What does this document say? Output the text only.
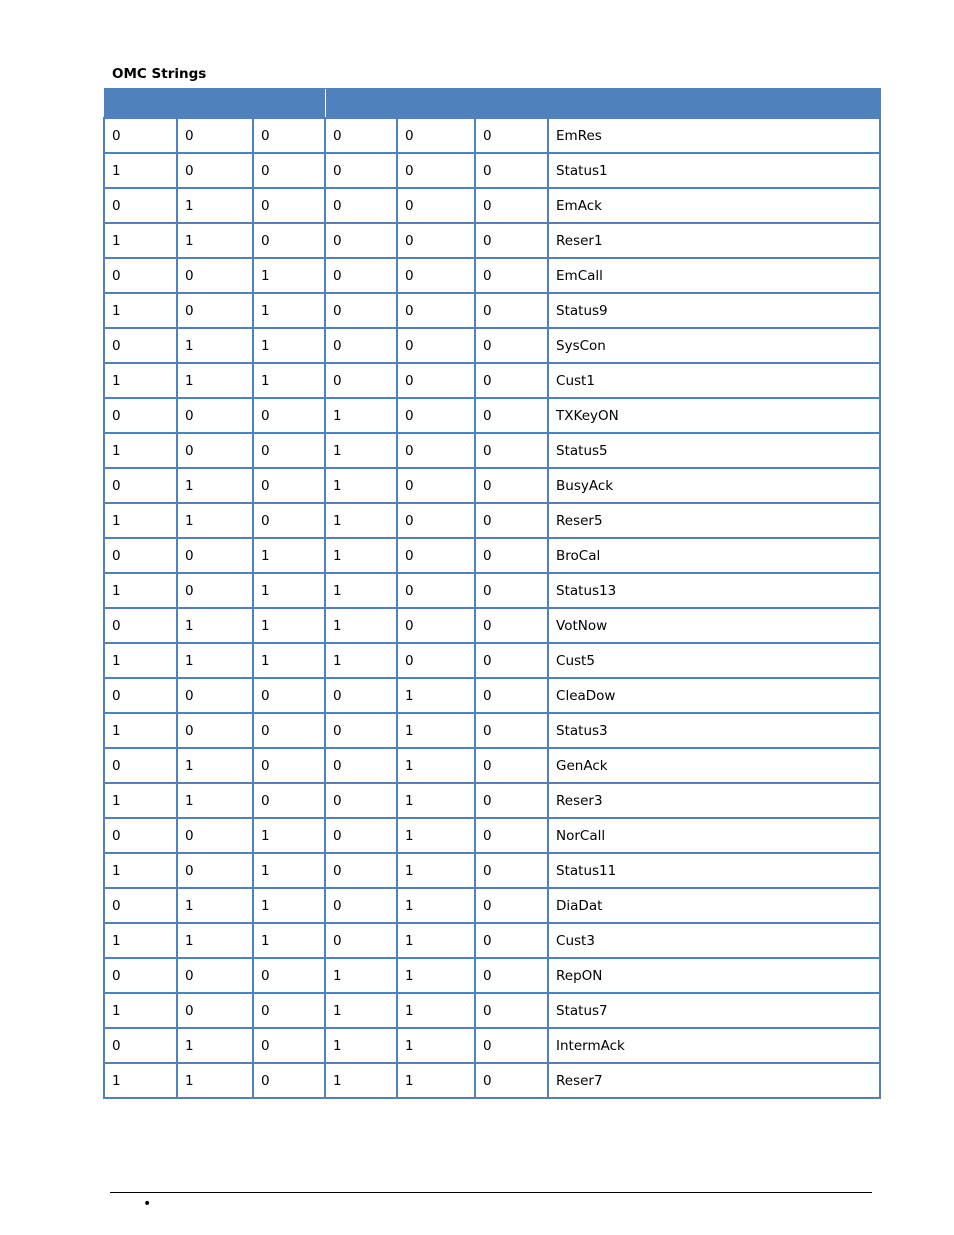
OMC Strings

0	0	0	0	0	0	EmRes
1	0	0	0	0	0	Status1
0	1	0	0	0	0	EmAck
1	1	0	0	0	0	Reser1
0	0	1	0	0	0	EmCall
1	0	1	0	0	0	Status9
0	1	1	0	0	0	SysCon
1	1	1	0	0	0	Cust1
0	0	0	1	0	0	TXKeyON
1	0	0	1	0	0	Status5
0	1	0	1	0	0	BusyAck
1	1	0	1	0	0	Reser5
0	0	1	1	0	0	BroCal
1	0	1	1	0	0	Status13
0	1	1	1	0	0	VotNow
1	1	1	1	0	0	Cust5
0	0	0	0	1	0	CleaDow
1	0	0	0	1	0	Status3
0	1	0	0	1	0	GenAck
1	1	0	0	1	0	Reser3
0	0	1	0	1	0	NorCall
1	0	1	0	1	0	Status11
0	1	1	0	1	0	DiaDat
1	1	1	0	1	0	Cust3
0	0	0	1	1	0	RepON
1	0	0	1	1	0	Status7
0	1	0	1	1	0	IntermAck
1	1	0	1	1	0	Reser7
•
